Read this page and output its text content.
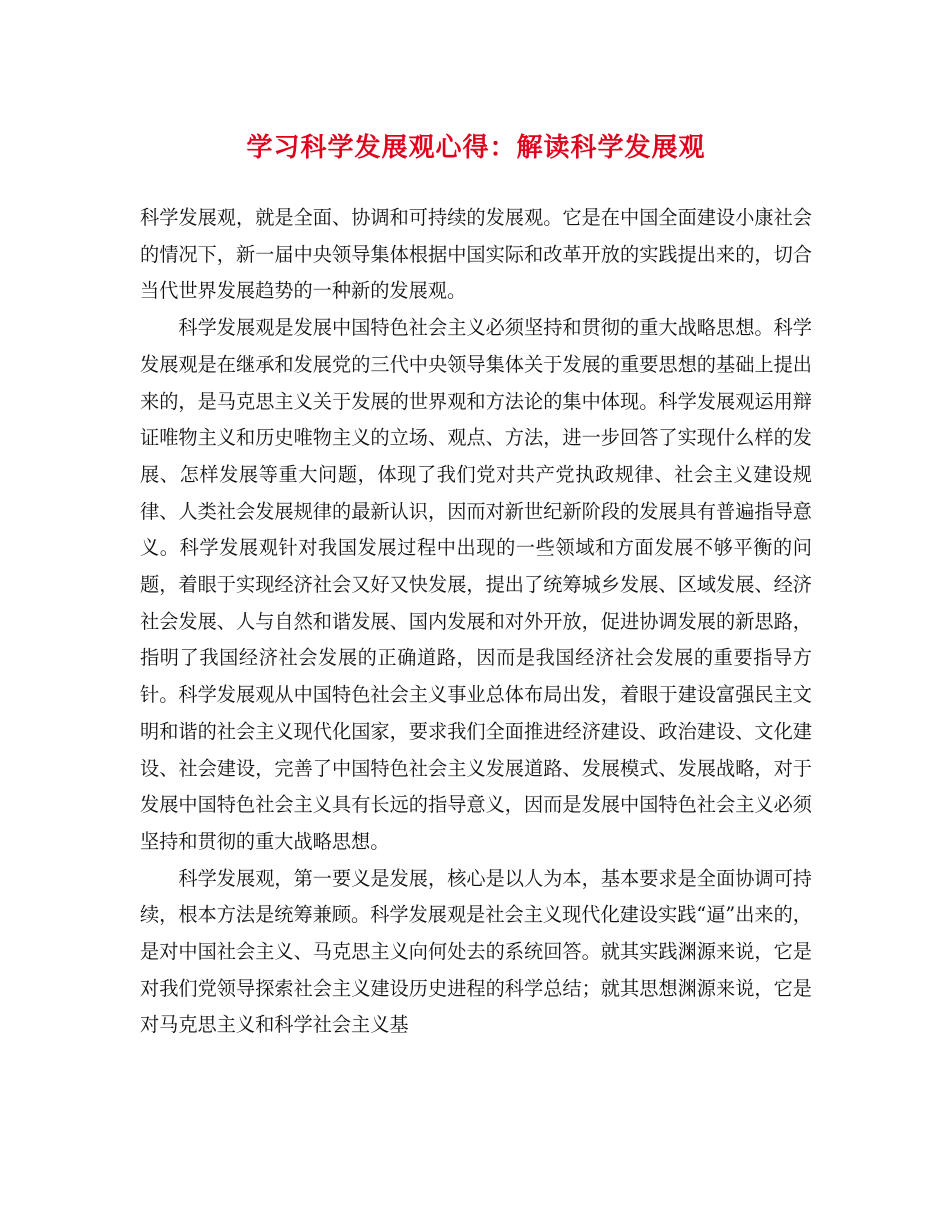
学习科学发展观心得：解读科学发展观

科学发展观，就是全面、协调和可持续的发展观。它是在中国全面建设小康社会的情况下，新一届中央领导集体根据中国实际和改革开放的实践提出来的，切合当代世界发展趋势的一种新的发展观。

科学发展观是发展中国特色社会主义必须坚持和贯彻的重大战略思想。科学发展观是在继承和发展党的三代中央领导集体关于发展的重要思想的基础上提出来的，是马克思主义关于发展的世界观和方法论的集中体现。科学发展观运用辩证唯物主义和历史唯物主义的立场、观点、方法，进一步回答了实现什么样的发展、怎样发展等重大问题，体现了我们党对共产党执政规律、社会主义建设规律、人类社会发展规律的最新认识，因而对新世纪新阶段的发展具有普遍指导意义。科学发展观针对我国发展过程中出现的一些领域和方面发展不够平衡的问题，着眼于实现经济社会又好又快发展，提出了统筹城乡发展、区域发展、经济社会发展、人与自然和谐发展、国内发展和对外开放，促进协调发展的新思路，指明了我国经济社会发展的正确道路，因而是我国经济社会发展的重要指导方针。科学发展观从中国特色社会主义事业总体布局出发，着眼于建设富强民主文明和谐的社会主义现代化国家，要求我们全面推进经济建设、政治建设、文化建设、社会建设，完善了中国特色社会主义发展道路、发展模式、发展战略，对于发展中国特色社会主义具有长远的指导意义，因而是发展中国特色社会主义必须坚持和贯彻的重大战略思想。

科学发展观，第一要义是发展，核心是以人为本，基本要求是全面协调可持续，根本方法是统筹兼顾。科学发展观是社会主义现代化建设实践“逼”出来的，是对中国社会主义、马克思主义向何处去的系统回答。就其实践渊源来说，它是对我们党领导探索社会主义建设历史进程的科学总结；就其思想渊源来说，它是对马克思主义和科学社会主义基
